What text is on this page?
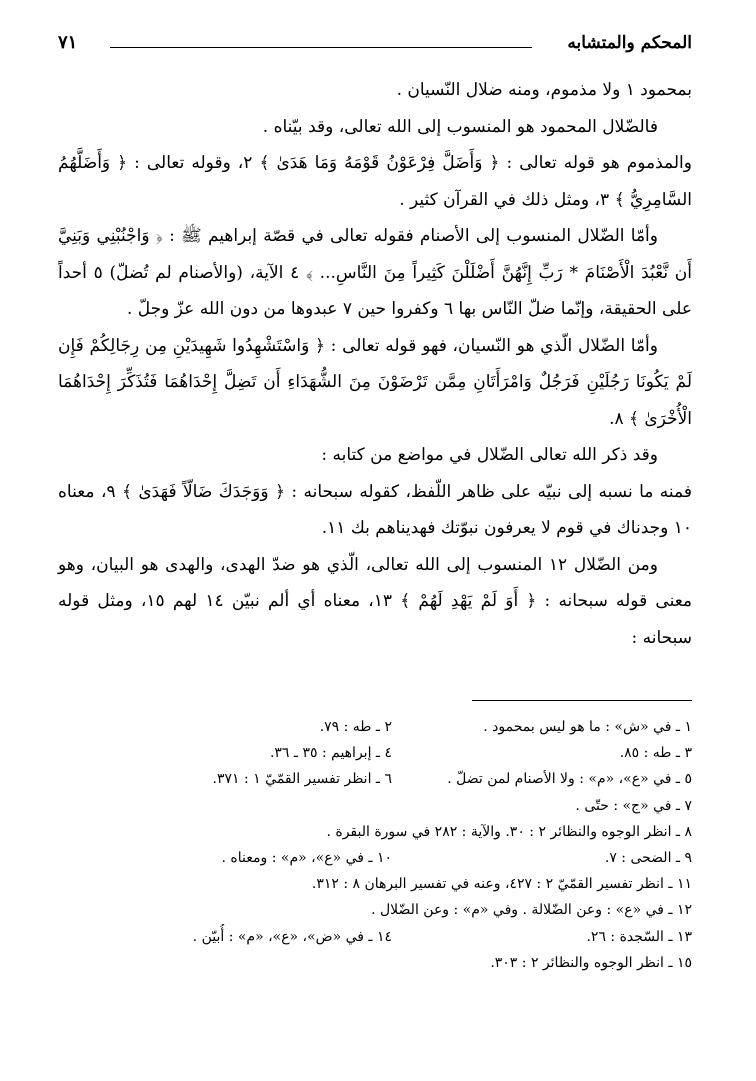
المحكم والمتشابه
٧١

بمحمود ١ ولا مذموم، ومنه ضلال النّسيان .

فالضّلال المحمود هو المنسوب إلى الله تعالى، وقد بيّناه .

والمذموم هو قوله تعالى : ﴿ وَأَضَلَّ فِرْعَوْنُ قَوْمَهُ وَمَا هَدَىٰ ﴾ ٢، وقوله تعالى : ﴿ وَأَضَلَّهُمُ السَّامِرِيُّ ﴾ ٣، ومثل ذلك في القرآن كثير .

وأمّا الضّلال المنسوب إلى الأصنام فقوله تعالى في قصّة إبراهيم ﷺ : ﴿ وَاجْنُبْنِي وَبَنِيَّ أَن نَّعْبُدَ الْأَصْنَامَ * رَبِّ إِنَّهُنَّ أَضْلَلْنَ كَثِيراً مِنَ النَّاسِ... ﴾ ٤ الآية، (والأصنام لم تُضلّ) ٥ أحداً على الحقيقة، وإنّما ضلّ النّاس بها ٦ وكفروا حين ٧ عبدوها من دون الله عزّ وجلّ .

وأمّا الضّلال الّذي هو النّسيان، فهو قوله تعالى : ﴿ وَاسْتَشْهِدُوا شَهِيدَيْنِ مِن رِجَالِكُمْ فَإِن لَمْ يَكُونَا رَجُلَيْنِ فَرَجُلٌ وَامْرَأَتَانِ مِمَّن تَرْضَوْنَ مِنَ الشُّهَدَاءِ أَن تَضِلَّ إِحْدَاهُمَا فَتُذَكِّرَ إِحْدَاهُمَا الْأُخْرَىٰ ﴾ ٨.

وقد ذكر الله تعالى الضّلال في مواضع من كتابه :

فمنه ما نسبه إلى نبيّه على ظاهر اللّفظ، كقوله سبحانه : ﴿ وَوَجَدَكَ ضَالّاً فَهَدَىٰ ﴾ ٩، معناه ١٠ وجدناك في قوم لا يعرفون نبوّتك فهديناهم بك ١١.

ومن الضّلال ١٢ المنسوب إلى الله تعالى، الّذي هو ضدّ الهدى، والهدى هو البيان، وهو معنى قوله سبحانه : ﴿ أَوَ لَمْ يَهْدِ لَهُمْ ﴾ ١٣، معناه أي ألم نبيّن ١٤ لهم ١٥، ومثل قوله سبحانه :

١ ـ في «ش» : ما هو ليس بمحمود .
٢ ـ طه : ٧٩.
٣ ـ طه : ٨٥.
٤ ـ إبراهيم : ٣٥ ـ ٣٦.
٥ ـ في «ع»، «م» : ولا الأصنام لمن تضلّ .
٦ ـ انظر تفسير القمّيّ ١ : ٣٧١.
٧ ـ في «ج» : حتّى .
٨ ـ انظر الوجوه والنظائر ٢ : ٣٠. والآية : ٢٨٢ في سورة البقرة .
٩ ـ الضحى : ٧.
١٠ ـ في «ع»، «م» : ومعناه .
١١ ـ انظر تفسير القمّيّ ٢ : ٤٢٧، وعنه في تفسير البرهان ٨ : ٣١٢.
١٢ ـ في «ع» : وعن الضّلالة . وفي «م» : وعن الضّلال .
١٣ ـ السّجدة : ٢٦.
١٤ ـ في «ض»، «ع»، «م» : أُبيّن .
١٥ ـ انظر الوجوه والنظائر ٢ : ٣٠٣.
